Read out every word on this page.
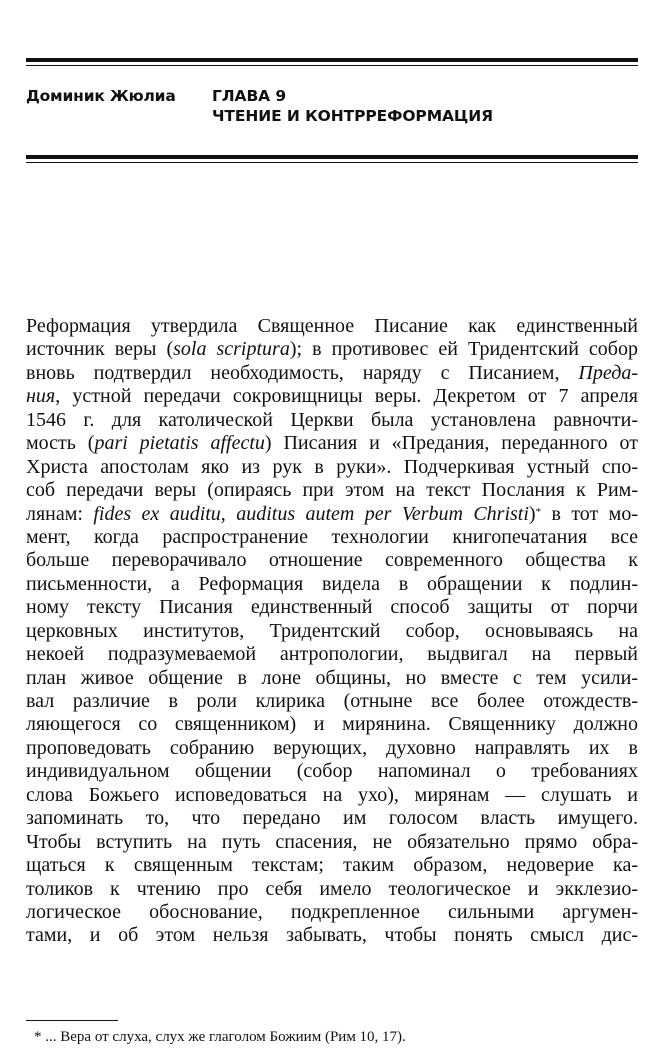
Доминик Жюлиа ГЛАВА 9
ЧТЕНИЕ И КОНТРРЕФОРМАЦИЯ
Реформация утвердила Священное Писание как единственный
источник веры (sola scriptura); в противовес ей Тридентский собор
вновь подтвердил необходимость, наряду с Писанием, Преда-
ния, устной передачи сокровищницы веры. Декретом от 7 апреля
1546 г. для католической Церкви была установлена равночти-
мость (pari pietatis affectu) Писания и «Предания, переданного от
Христа апостолам яко из рук в руки». Подчеркивая устный спо-
соб передачи веры (опираясь при этом на текст Послания к Рим-
лянам: fides ex auditu, auditus autem per Verbum Christi)* в тот мо-
мент, когда распространение технологии книгопечатания все
больше переворачивало отношение современного общества к
письменности, а Реформация видела в обращении к подлин-
ному тексту Писания единственный способ защиты от порчи
церковных институтов, Тридентский собор, основываясь на
некоей подразумеваемой антропологии, выдвигал на первый
план живое общение в лоне общины, но вместе с тем усили-
вал различие в роли клирика (отныне все более отождеств-
ляющегося со священником) и мирянина. Священнику должно
проповедовать собранию верующих, духовно направлять их в
индивидуальном общении (собор напоминал о требованиях
слова Божьего исповедоваться на ухо), мирянам — слушать и
запоминать то, что передано им голосом власть имущего.
Чтобы вступить на путь спасения, не обязательно прямо обра-
щаться к священным текстам; таким образом, недоверие ка-
толиков к чтению про себя имело теологическое и экклезио-
логическое обоснование, подкрепленное сильными аргумен-
тами, и об этом нельзя забывать, чтобы понять смысл дис-
* ... Вера от слуха, слух же глаголом Божиим (Рим 10, 17).
